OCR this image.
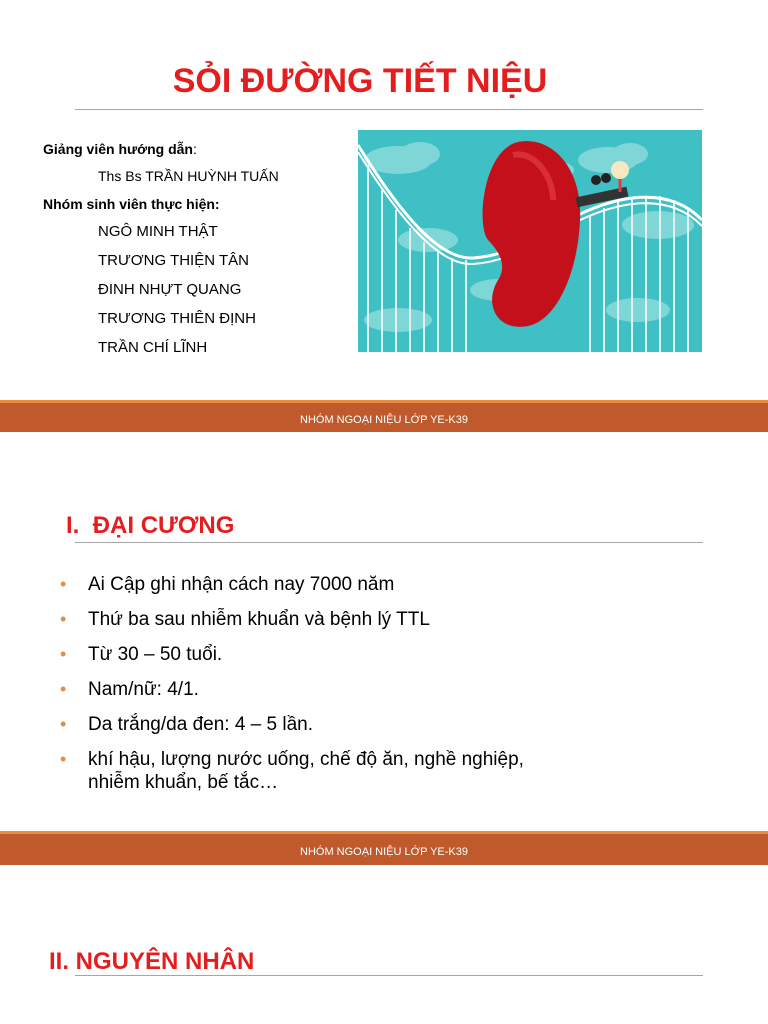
SỎI ĐƯỜNG TIẾT NIỆU
Giảng viên hướng dẫn:
Ths Bs TRẦN HUỲNH TUẤN
Nhóm sinh viên thực hiện:
NGÔ MINH THẬT
TRƯƠNG THIỆN TÂN
ĐINH NHỰT QUANG
TRƯƠNG THIÊN ĐỊNH
TRẦN CHÍ LĨNH
NHÓM NGOẠI NIỆU LỚP YE-K39
I. ĐẠI CƯƠNG
• Ai Cập ghi nhận cách nay 7000 năm
• Thứ ba sau nhiễm khuẩn và bệnh lý TTL
• Từ 30 – 50 tuổi.
• Nam/nữ: 4/1.
• Da trắng/da đen: 4 – 5 lần.
• khí hậu, lượng nước uống, chế độ ăn, nghề nghiệp, nhiễm khuẩn, bế tắc…
NHÓM NGOẠI NIỆU LỚP YE-K39
II. NGUYÊN NHÂN
